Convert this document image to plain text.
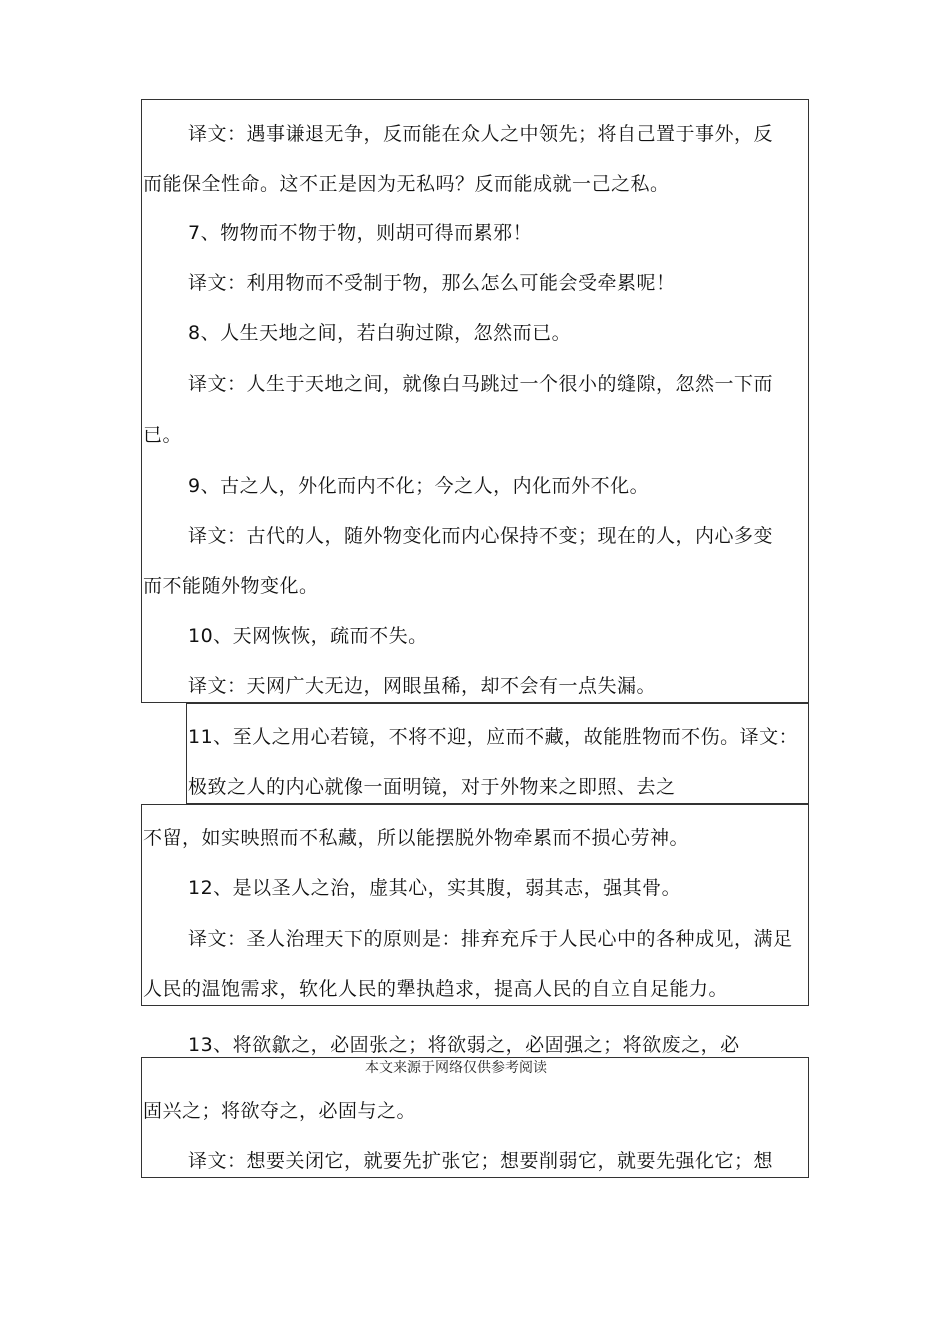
译文：遇事谦退无争，反而能在众人之中领先；将自己置于事外，反
而能保全性命。这不正是因为无私吗？反而能成就一己之私。
7、物物而不物于物，则胡可得而累邪！
译文：利用物而不受制于物，那么怎么可能会受牵累呢！
8、人生天地之间，若白驹过隙，忽然而已。
译文：人生于天地之间，就像白马跳过一个很小的缝隙，忽然一下而
已。
9、古之人，外化而内不化；今之人，内化而外不化。
译文：古代的人，随外物变化而内心保持不变；现在的人，内心多变
而不能随外物变化。
10、天网恢恢，疏而不失。
译文：天网广大无边，网眼虽稀，却不会有一点失漏。
11、至人之用心若镜，不将不迎，应而不藏，故能胜物而不伤。译文：
极致之人的内心就像一面明镜，对于外物来之即照、去之
不留，如实映照而不私藏，所以能摆脱外物牵累而不损心劳神。
12、是以圣人之治，虚其心，实其腹，弱其志，强其骨。
译文：圣人治理天下的原则是：排弃充斥于人民心中的各种成见，满足
人民的温饱需求，软化人民的犟执趋求，提高人民的自立自足能力。
13、将欲歙之，必固张之；将欲弱之，必固强之；将欲废之，必
本文来源于网络仅供参考阅读
固兴之；将欲夺之，必固与之。
译文：想要关闭它，就要先扩张它；想要削弱它，就要先强化它；想
